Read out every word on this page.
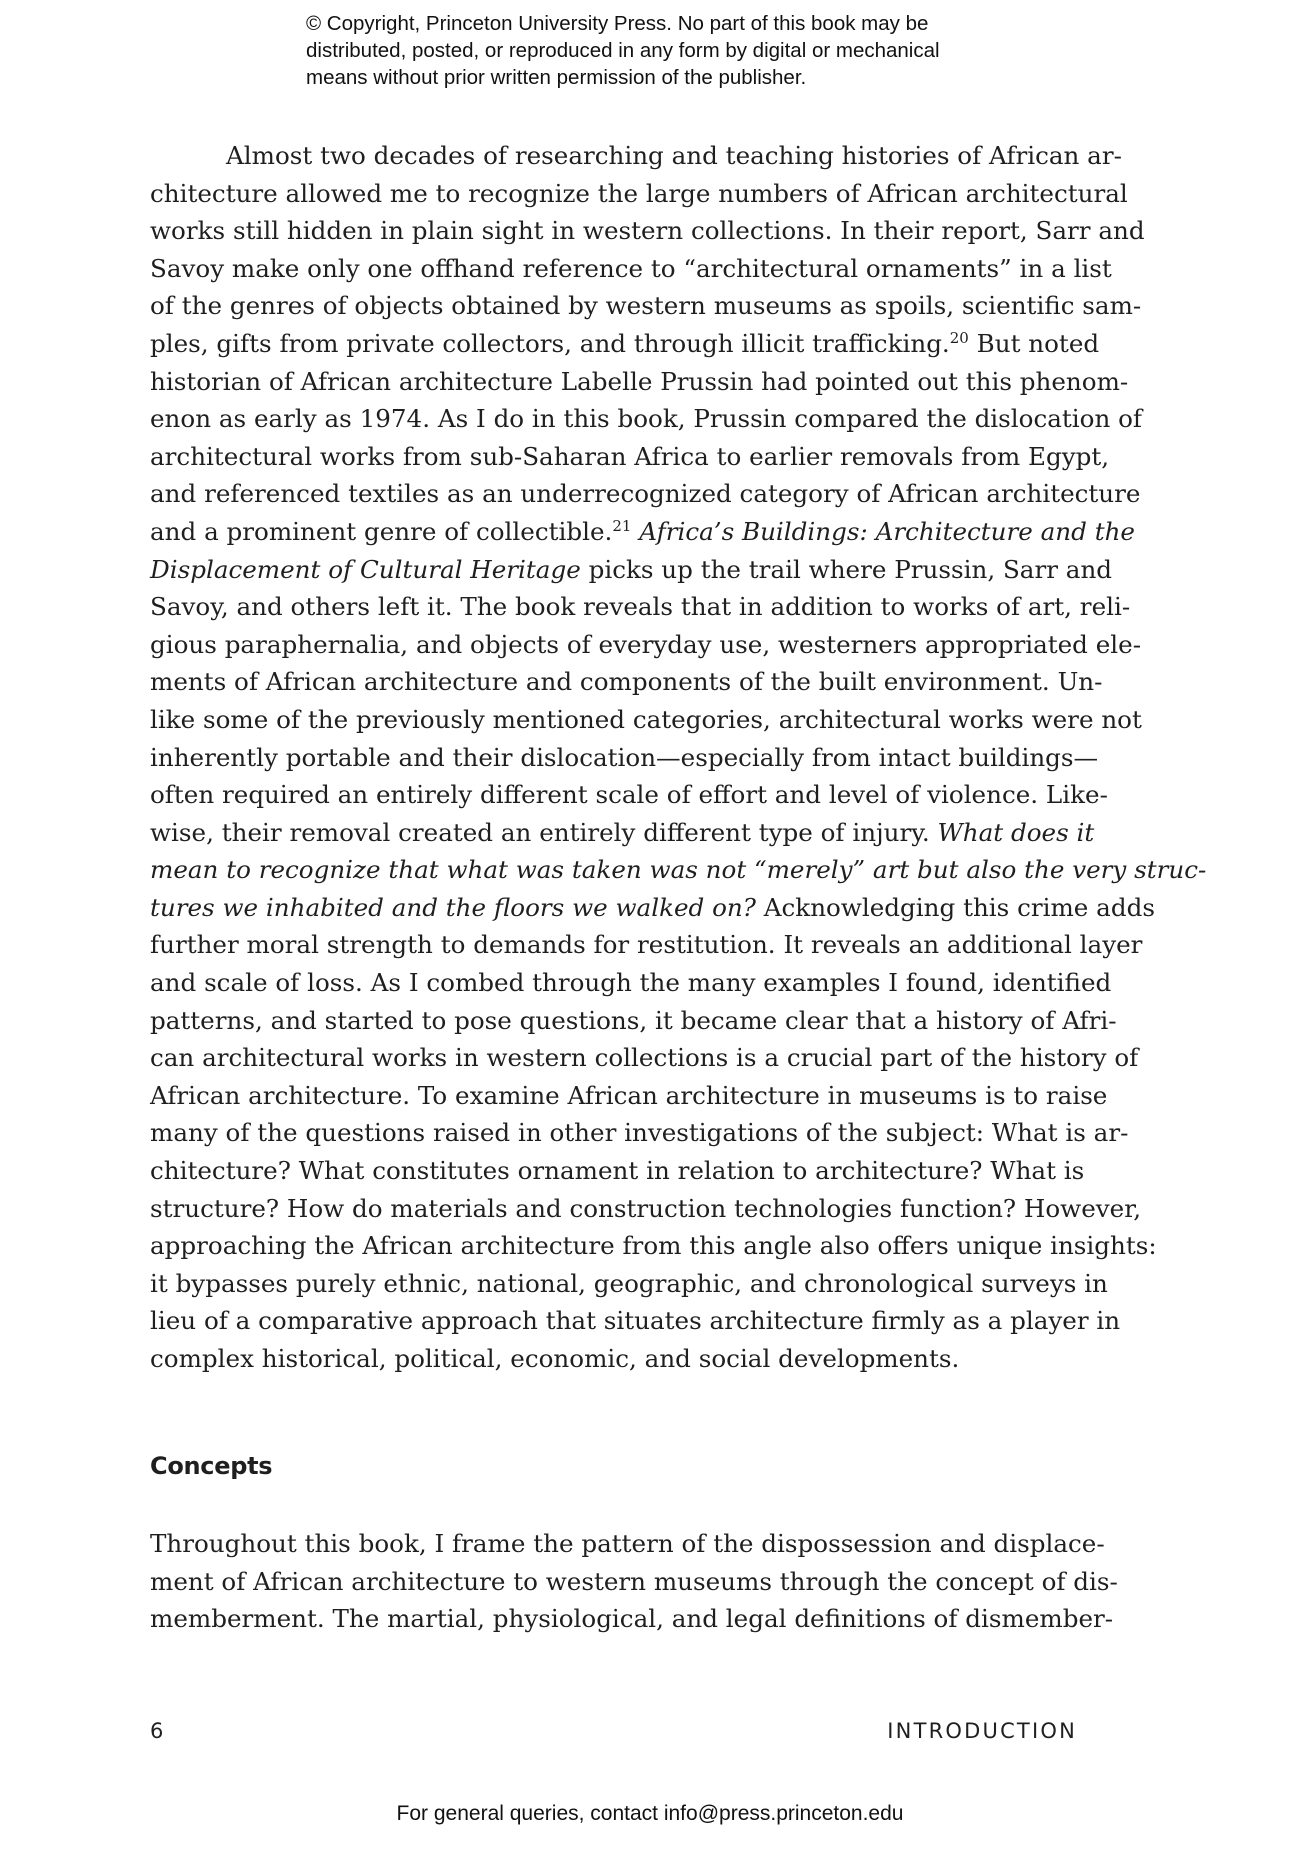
© Copyright, Princeton University Press. No part of this book may be
distributed, posted, or reproduced in any form by digital or mechanical
means without prior written permission of the publisher.
Almost two decades of researching and teaching histories of African ar-
chitecture allowed me to recognize the large numbers of African architectural
works still hidden in plain sight in western collections. In their report, Sarr and
Savoy make only one offhand reference to “architectural ornaments” in a list
of the genres of objects obtained by western museums as spoils, scientific sam-
ples, gifts from private collectors, and through illicit trafficking.$^{20}$ But noted
historian of African architecture Labelle Prussin had pointed out this phenom-
enon as early as 1974. As I do in this book, Prussin compared the dislocation of
architectural works from sub-Saharan Africa to earlier removals from Egypt,
and referenced textiles as an underrecognized category of African architecture
and a prominent genre of collectible.$^{21}$ Africa’s Buildings: Architecture and the
Displacement of Cultural Heritage picks up the trail where Prussin, Sarr and
Savoy, and others left it. The book reveals that in addition to works of art, reli-
gious paraphernalia, and objects of everyday use, westerners appropriated ele-
ments of African architecture and components of the built environment. Un-
like some of the previously mentioned categories, architectural works were not
inherently portable and their dislocation—especially from intact buildings—
often required an entirely different scale of effort and level of violence. Like-
wise, their removal created an entirely different type of injury. What does it
mean to recognize that what was taken was not “merely” art but also the very struc-
tures we inhabited and the floors we walked on? Acknowledging this crime adds
further moral strength to demands for restitution. It reveals an additional layer
and scale of loss. As I combed through the many examples I found, identified
patterns, and started to pose questions, it became clear that a history of Afri-
can architectural works in western collections is a crucial part of the history of
African architecture. To examine African architecture in museums is to raise
many of the questions raised in other investigations of the subject: What is ar-
chitecture? What constitutes ornament in relation to architecture? What is
structure? How do materials and construction technologies function? However,
approaching the African architecture from this angle also offers unique insights:
it bypasses purely ethnic, national, geographic, and chronological surveys in
lieu of a comparative approach that situates architecture firmly as a player in
complex historical, political, economic, and social developments.
Concepts
Throughout this book, I frame the pattern of the dispossession and displace-
ment of African architecture to western museums through the concept of dis-
memberment. The martial, physiological, and legal definitions of dismember-
6	INTRODUCTION
For general queries, contact info@press.princeton.edu
